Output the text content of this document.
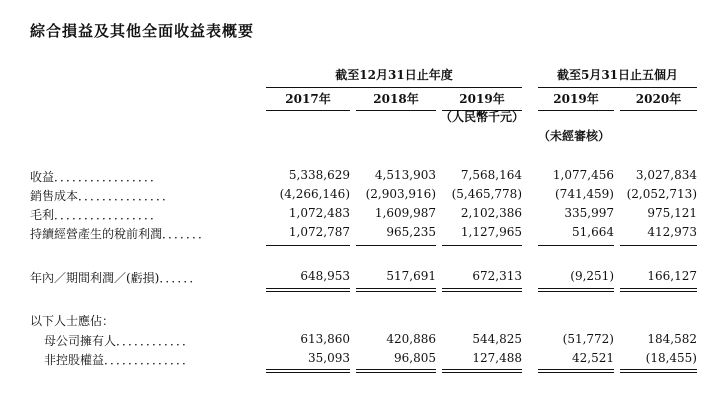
綜合損益及其他全面收益表概要
截至12月31日止年度	截至5月31日止五個月
2017年	2018年	2019年	2019年	2020年
（人民幣千元）
（未經審核）
收益．．．．．．．．．．．．．．．．．	5,338,629	4,513,903	7,568,164	1,077,456	3,027,834
銷售成本．．．．．．．．．．．．．．．	(4,266,146)	(2,903,916)	(5,465,778)	(741,459)	(2,052,713)
毛利．．．．．．．．．．．．．．．．．	1,072,483	1,609,987	2,102,386	335,997	975,121
持續經營產生的稅前利潤．．．．．．．	1,072,787	965,235	1,127,965	51,664	412,973
年內／期間利潤／(虧損)．．．．．．	648,953	517,691	672,313	(9,251)	166,127
以下人士應佔：
母公司擁有人．．．．．．．．．．．．	613,860	420,886	544,825	(51,772)	184,582
非控股權益．．．．．．．．．．．．．．	35,093	96,805	127,488	42,521	(18,455)
